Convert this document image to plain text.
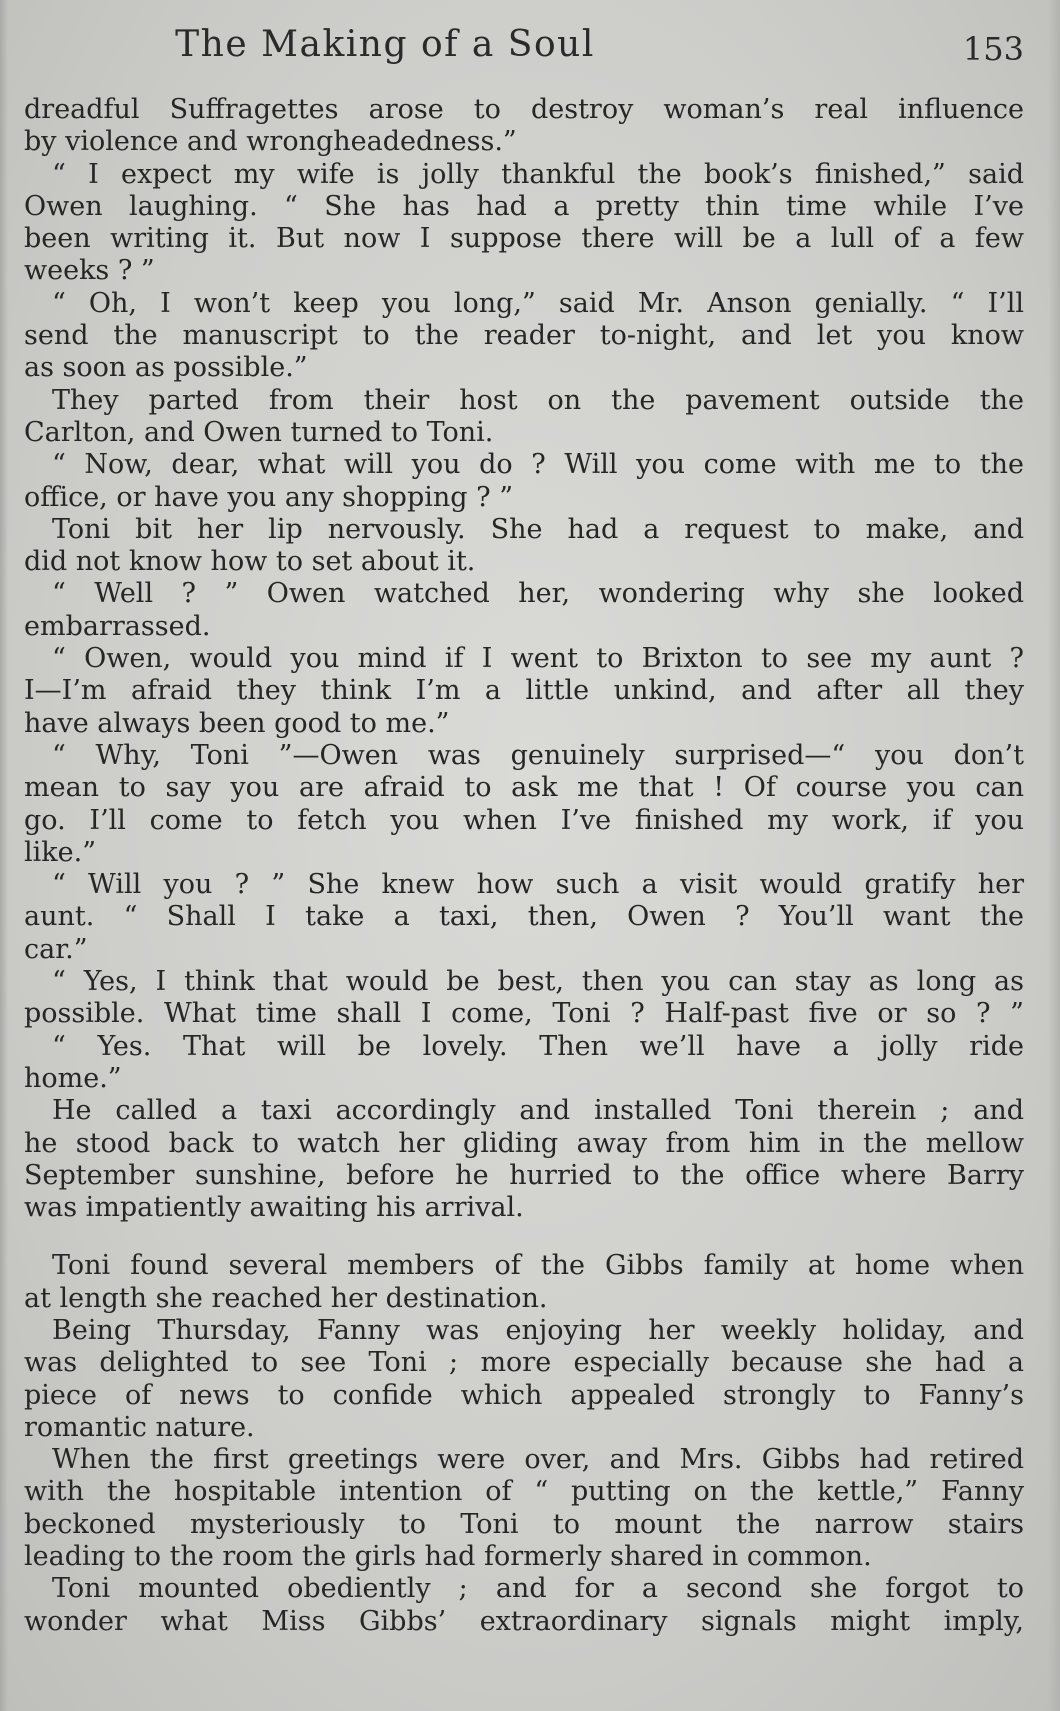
The Making of a Soul	153
dreadful Suffragettes arose to destroy woman’s real influence
by violence and wrongheadedness.”
“ I expect my wife is jolly thankful the book’s finished,” said
Owen laughing. “ She has had a pretty thin time while I’ve
been writing it. But now I suppose there will be a lull of a few
weeks ? ”
“ Oh, I won’t keep you long,” said Mr. Anson genially. “ I’ll
send the manuscript to the reader to-night, and let you know
as soon as possible.”
They parted from their host on the pavement outside the
Carlton, and Owen turned to Toni.
“ Now, dear, what will you do ? Will you come with me to the
office, or have you any shopping ? ”
Toni bit her lip nervously. She had a request to make, and
did not know how to set about it.
“ Well ? ” Owen watched her, wondering why she looked
embarrassed.
“ Owen, would you mind if I went to Brixton to see my aunt ?
I—I’m afraid they think I’m a little unkind, and after all they
have always been good to me.”
“ Why, Toni ”—Owen was genuinely surprised—“ you don’t
mean to say you are afraid to ask me that ! Of course you can
go. I’ll come to fetch you when I’ve finished my work, if you
like.”
“ Will you ? ” She knew how such a visit would gratify her
aunt. “ Shall I take a taxi, then, Owen ? You’ll want the
car.”
“ Yes, I think that would be best, then you can stay as long as
possible. What time shall I come, Toni ? Half-past five or so ? ”
“ Yes. That will be lovely. Then we’ll have a jolly ride
home.”
He called a taxi accordingly and installed Toni therein ; and
he stood back to watch her gliding away from him in the mellow
September sunshine, before he hurried to the office where Barry
was impatiently awaiting his arrival.
Toni found several members of the Gibbs family at home when
at length she reached her destination.
Being Thursday, Fanny was enjoying her weekly holiday, and
was delighted to see Toni ; more especially because she had a
piece of news to confide which appealed strongly to Fanny’s
romantic nature.
When the first greetings were over, and Mrs. Gibbs had retired
with the hospitable intention of “ putting on the kettle,” Fanny
beckoned mysteriously to Toni to mount the narrow stairs
leading to the room the girls had formerly shared in common.
Toni mounted obediently ; and for a second she forgot to
wonder what Miss Gibbs’ extraordinary signals might imply,
